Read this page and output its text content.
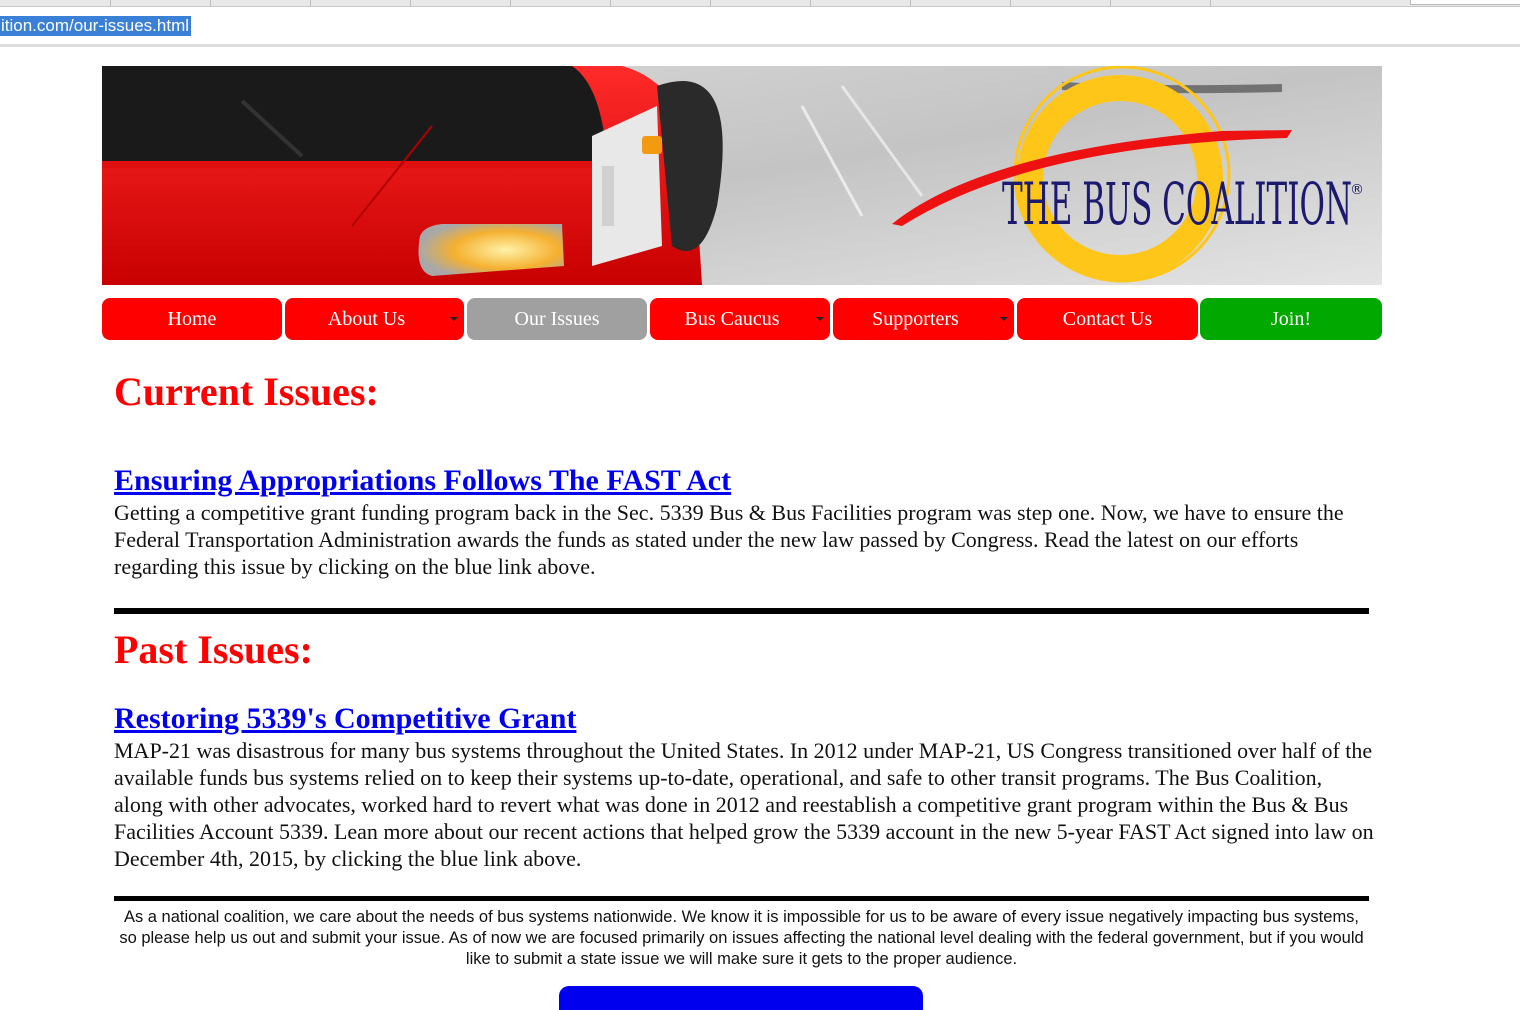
ition.com/our-issues.html
THE BUS COALITION
®
Home	About Us	Our Issues	Bus Caucus	Supporters	Contact Us	Join!
Current Issues:
Ensuring Appropriations Follows The FAST Act

Getting a competitive grant funding program back in the Sec. 5339 Bus & Bus Facilities program was step one. Now, we have to ensure the Federal Transportation Administration awards the funds as stated under the new law passed by Congress. Read the latest on our efforts regarding this issue by clicking on the blue link above.

Past Issues:
Restoring 5339's Competitive Grant

MAP-21 was disastrous for many bus systems throughout the United States. In 2012 under MAP-21, US Congress transitioned over half of the available funds bus systems relied on to keep their systems up-to-date, operational, and safe to other transit programs. The Bus Coalition, along with other advocates, worked hard to revert what was done in 2012 and reestablish a competitive grant program within the Bus & Bus Facilities Account 5339. Lean more about our recent actions that helped grow the 5339 account in the new 5-year FAST Act signed into law on December 4th, 2015, by clicking the blue link above.

As a national coalition, we care about the needs of bus systems nationwide. We know it is impossible for us to be aware of every issue negatively impacting bus systems, so please help us out and submit your issue. As of now we are focused primarily on issues affecting the national level dealing with the federal government, but if you would like to submit a state issue we will make sure it gets to the proper audience.
